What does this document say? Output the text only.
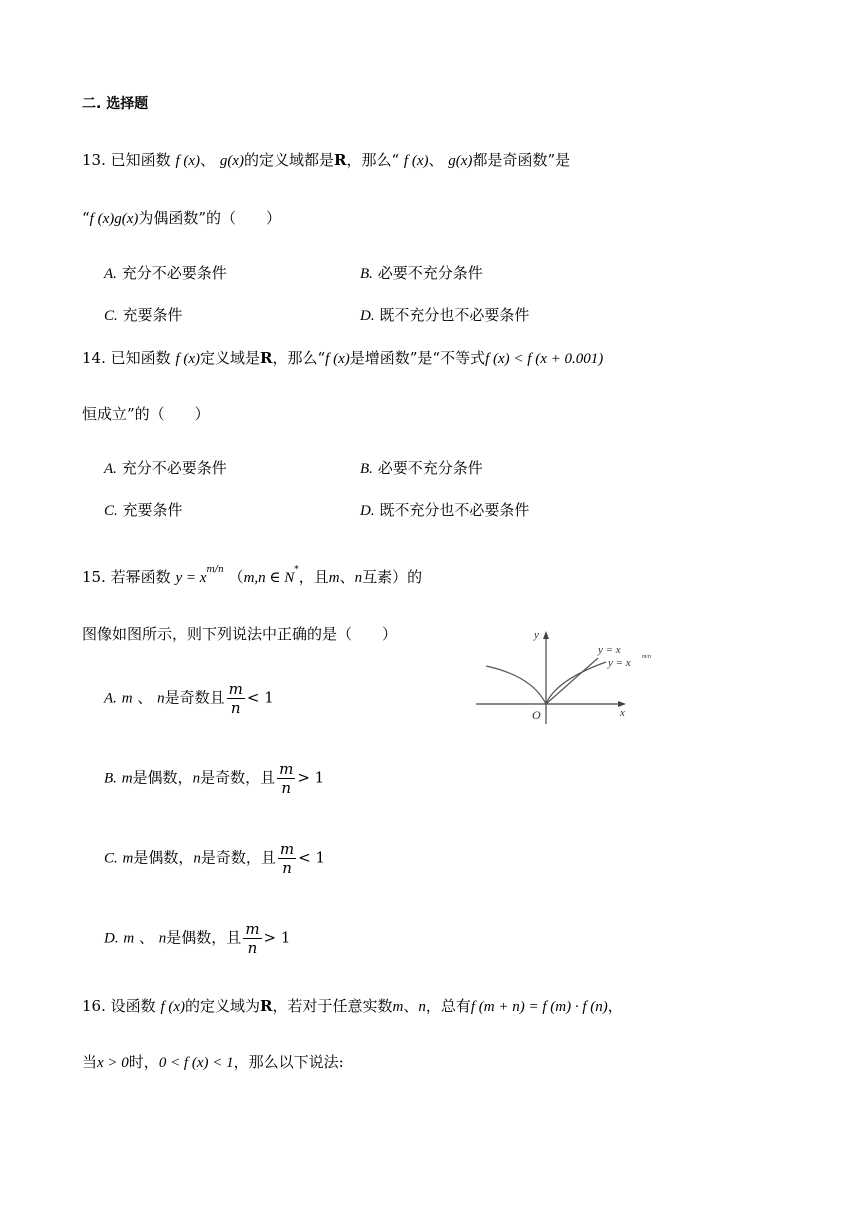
二. 选择题
13. 已知函数 f (x)、 g(x)的定义域都是R，那么“ f (x)、 g(x)都是奇函数”是
“f (x)g(x)为偶函数”的（　　）
A. 充分不必要条件	B. 必要不充分条件
C. 充要条件	D. 既不充分也不必要条件
14. 已知函数 f (x)定义域是R，那么“f (x)是增函数”是“不等式f (x) < f (x + 0.001)
恒成立”的（　　）
A. 充分不必要条件	B. 必要不充分条件
C. 充要条件	D. 既不充分也不必要条件
15. 若幂函数 $y = x^{m/n}$ （m,n ∈ N*，且m、n互素）的
图像如图所示，则下列说法中正确的是（　　）	y
x
O
y = x
y = x m/n
A. m 、 n是奇数且 $\frac{m}{n} < 1$
B. m是偶数，n是奇数，且 $\frac{m}{n} > 1$
C. m是偶数，n是奇数，且 $\frac{m}{n} < 1$
D. m 、 n是偶数，且 $\frac{m}{n} > 1$
16. 设函数 f (x)的定义域为R，若对于任意实数m、n，总有f (m + n) = f (m) · f (n)，
当x > 0时，0 < f (x) < 1，那么以下说法:
